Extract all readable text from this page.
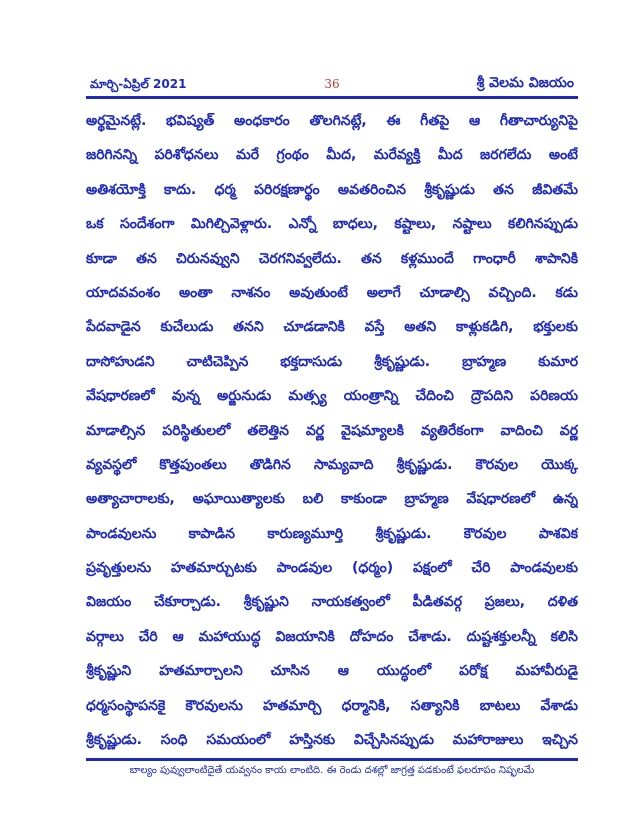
మార్చి-ఏప్రిల్ 2021	36	శ్రీ వెలమ విజయం
అర్థమైనట్లే. భవిష్యత్ అంధకారం తొలగినట్లే, ఈ గీతపై ఆ గీతాచార్యునిపై
జరిగినన్ని పరిశోధనలు మరే గ్రంథం మీద, మరేవ్యక్తి మీద జరగలేదు అంటే
అతిశయోక్తి కాదు. ధర్మ పరిరక్షణార్థం అవతరించిన శ్రీకృష్ణుడు తన జీవితమే
ఒక సందేశంగా మిగిల్చివెళ్లారు. ఎన్నో బాధలు, కష్టాలు, నష్టాలు కలిగినప్పుడు
కూడా తన చిరునవ్వుని చెరగనివ్వలేదు. తన కళ్లముందే గాంధారీ శాపానికి
యాదవవంశం అంతా నాశనం అవుతుంటే అలాగే చూడాల్సి వచ్చింది. కడు
పేదవాడైన కుచేలుడు తనని చూడడానికి వస్తే అతని కాళ్లుకడిగి, భక్తులకు
దాసోహుడని చాటిచెప్పిన భక్తదాసుడు శ్రీకృష్ణుడు. బ్రాహ్మణ కుమార
వేషధారణలో వున్న అర్జునుడు మత్స్య యంత్రాన్ని చేదించి ద్రౌపదిని పరిణయ
మాడాల్సిన పరిస్థితులలో తలెత్తిన వర్ణ వైషమ్యాలకి వ్యతిరేకంగా వాదించి వర్ణ
వ్యవస్థలో కొత్తపుంతలు తొడిగిన సామ్యవాది శ్రీకృష్ణుడు. కౌరవుల యొక్క
అత్యాచారాలకు, అఘాయిత్యాలకు బలి కాకుండా బ్రాహ్మణ వేషధారణలో ఉన్న
పాండవులను కాపాడిన కారుణ్యమూర్తి శ్రీకృష్ణుడు. కౌరవుల పాశవిక
ప్రవృత్తులను హతమార్చుటకు పాండవుల (ధర్మం) పక్షంలో చేరి పాండవులకు
విజయం చేకూర్చాడు. శ్రీకృష్ణుని నాయకత్వంలో పీడితవర్గ ప్రజలు, దళిత
వర్గాలు చేరి ఆ మహాయుద్ధ విజయానికి దోహదం చేశాడు. దుష్టశక్తులన్నీ కలిసి
శ్రీకృష్ణుని హతమార్చాలని చూసిన ఆ యుద్ధంలో పరోక్ష మహావీరుడై
ధర్మసంస్థాపనకై కౌరవులను హతమార్చి ధర్మానికి, సత్యానికి బాటలు వేశాడు
శ్రీకృష్ణుడు. సంధి సమయంలో హస్తినకు విచ్చేసినప్పుడు మహారాజులు ఇచ్చిన
బాల్యం పువ్వులాంటిదైతే యవ్వనం కాయ లాంటిది. ఈ రెండు దశల్లో జాగ్రత్త పడకుంటే ఫలరూపం నిష్ఫలమే
